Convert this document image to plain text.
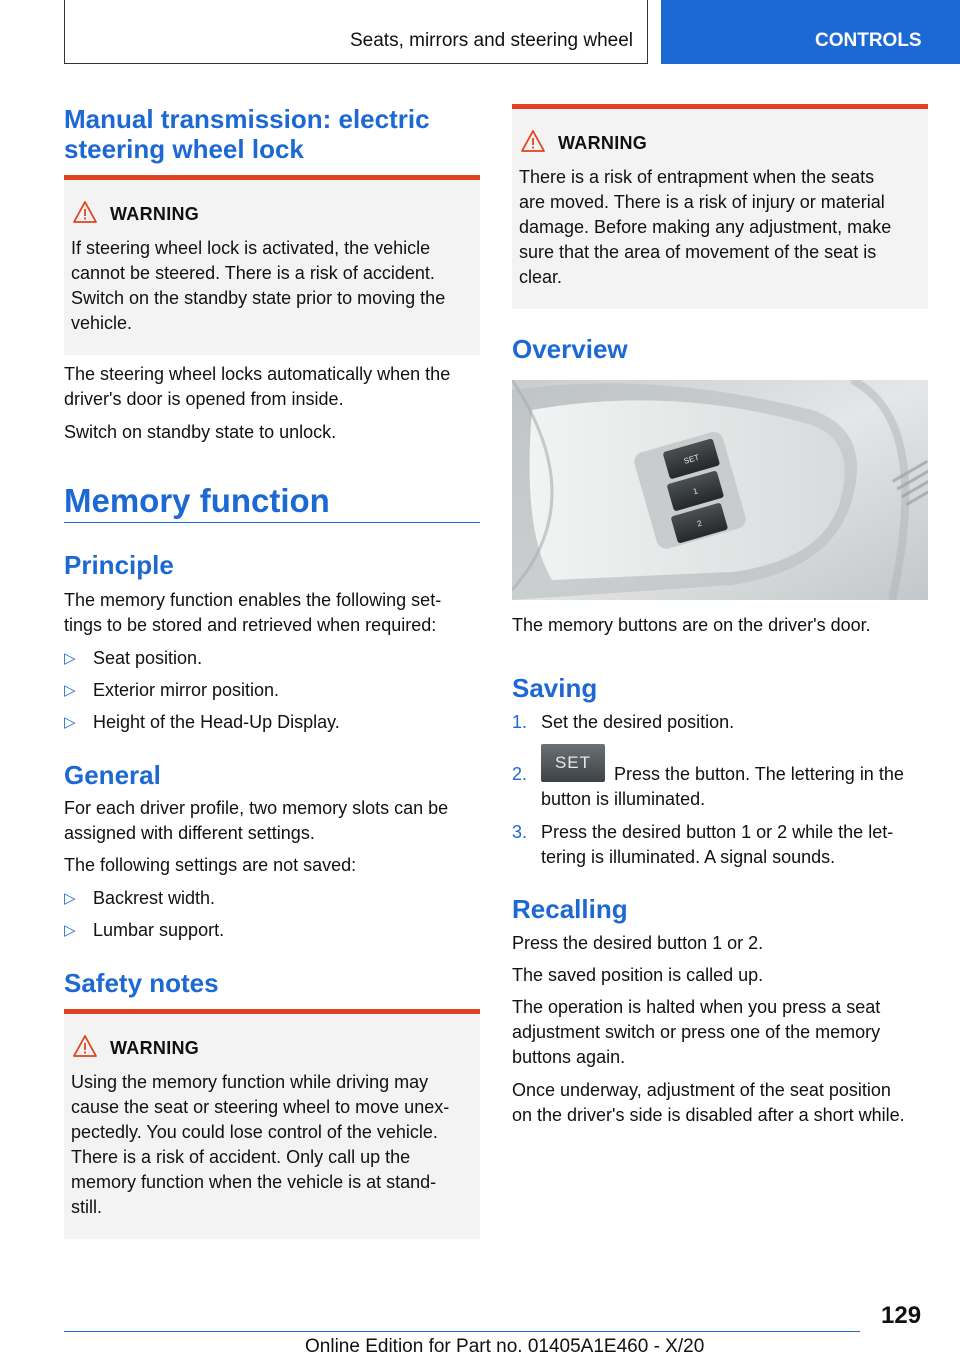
Seats, mirrors and steering wheel	CONTROLS
Manual transmission: electric
steering wheel lock
WARNING
If steering wheel lock is activated, the vehicle
cannot be steered. There is a risk of accident.
Switch on the standby state prior to moving the
vehicle.

The steering wheel locks automatically when the
driver's door is opened from inside.

Switch on standby state to unlock.

Memory function
Principle

The memory function enables the following set‐
tings to be stored and retrieved when required:

▷ Seat position.
▷ Exterior mirror position.
▷ Height of the Head-Up Display.
General

For each driver profile, two memory slots can be
assigned with different settings.

The following settings are not saved:

▷ Backrest width.
▷ Lumbar support.
Safety notes
WARNING
Using the memory function while driving may
cause the seat or steering wheel to move unex‐
pectedly. You could lose control of the vehicle.
There is a risk of accident. Only call up the
memory function when the vehicle is at stand‐
still.
WARNING
There is a risk of entrapment when the seats
are moved. There is a risk of injury or material
damage. Before making any adjustment, make
sure that the area of movement of the seat is
clear.
Overview
SET
1
2

The memory buttons are on the driver's door.

Saving
1. Set the desired position.
2.	Press the button. The lettering in the
button is illuminated.
SET
3. Press the desired button 1 or 2 while the let‐
tering is illuminated. A signal sounds.
Recalling

Press the desired button 1 or 2.

The saved position is called up.

The operation is halted when you press a seat
adjustment switch or press one of the memory
buttons again.

Once underway, adjustment of the seat position
on the driver's side is disabled after a short while.

129
Online Edition for Part no. 01405A1E460 - X/20
